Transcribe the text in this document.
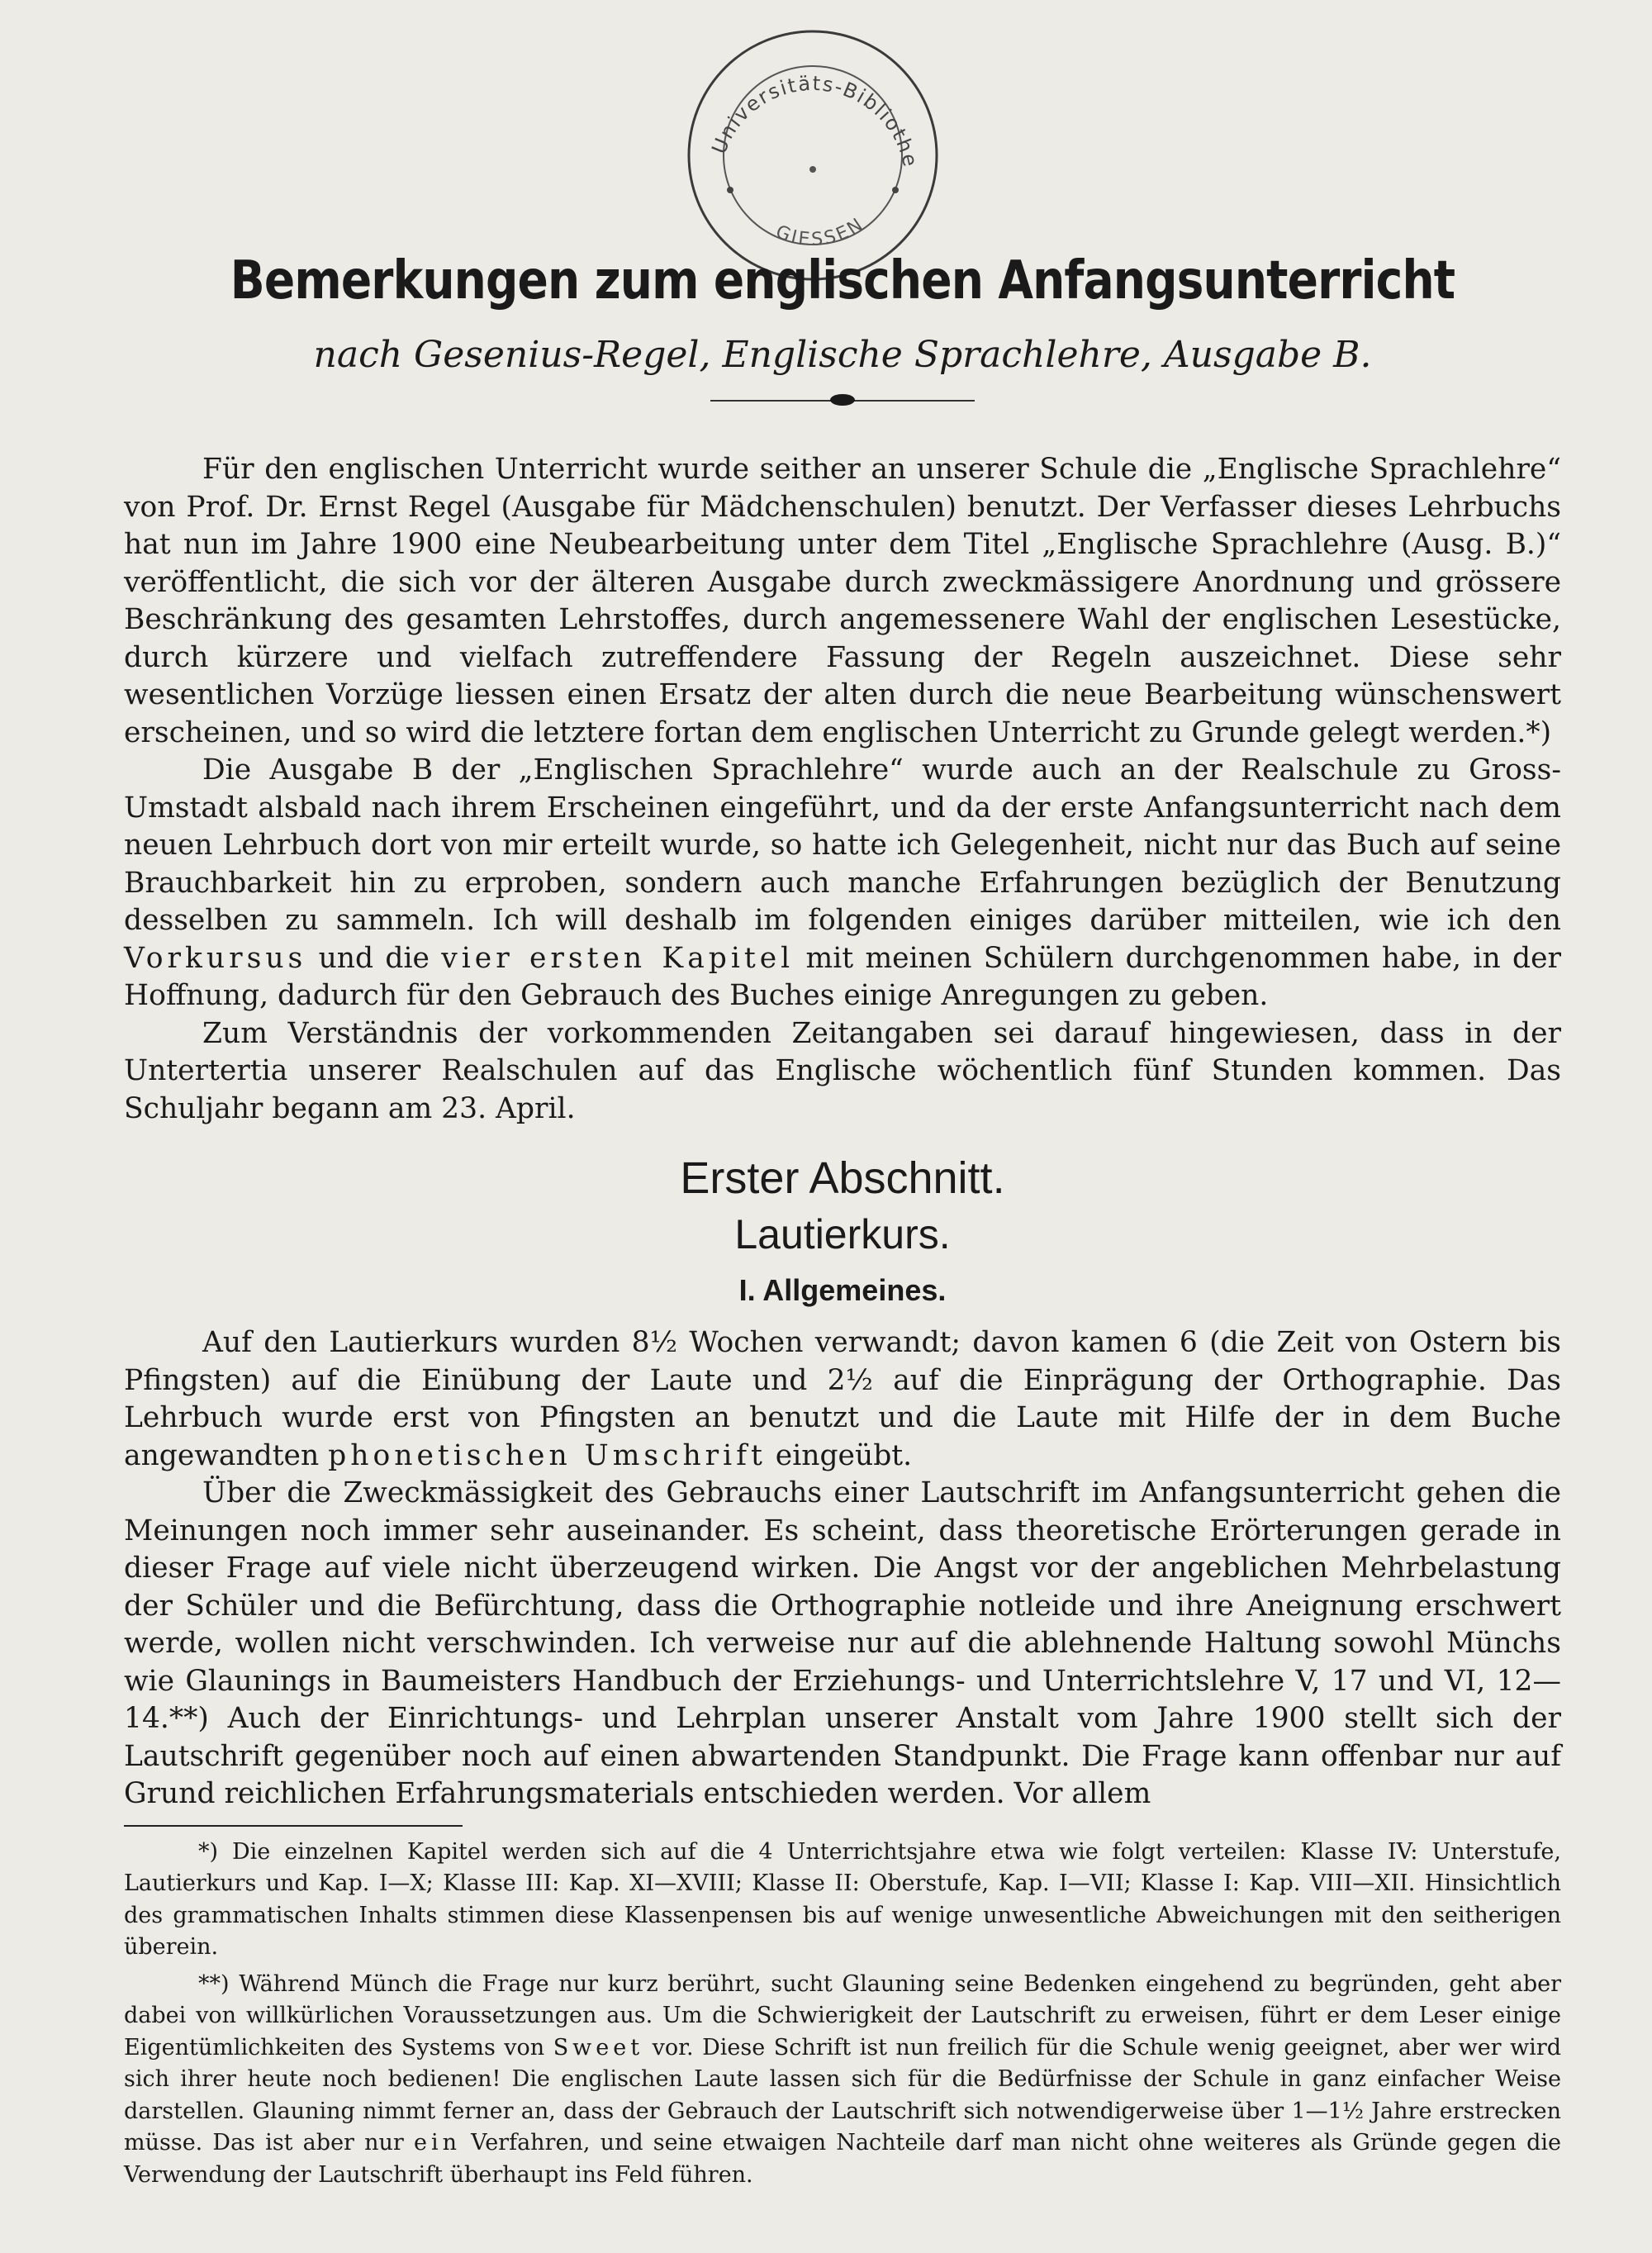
Universitäts-Bibliothe
GIESSEN
Bemerkungen zum englischen Anfangsunterricht
nach Gesenius-Regel, Englische Sprachlehre, Ausgabe B.

Für den englischen Unterricht wurde seither an unserer Schule die „Englische Sprachlehre“ von Prof. Dr. Ernst Regel (Ausgabe für Mädchenschulen) benutzt. Der Verfasser dieses Lehrbuchs hat nun im Jahre 1900 eine Neubearbeitung unter dem Titel „Englische Sprachlehre (Ausg. B.)“ veröffentlicht, die sich vor der älteren Ausgabe durch zweckmässigere Anordnung und grössere Beschränkung des gesamten Lehrstoffes, durch angemessenere Wahl der englischen Lesestücke, durch kürzere und vielfach zutreffendere Fassung der Regeln auszeichnet. Diese sehr wesentlichen Vorzüge liessen einen Ersatz der alten durch die neue Bearbeitung wünschenswert erscheinen, und so wird die letztere fortan dem englischen Unterricht zu Grunde gelegt werden.*)

Die Ausgabe B der „Englischen Sprachlehre“ wurde auch an der Realschule zu Gross-Umstadt alsbald nach ihrem Erscheinen eingeführt, und da der erste Anfangsunterricht nach dem neuen Lehrbuch dort von mir erteilt wurde, so hatte ich Gelegenheit, nicht nur das Buch auf seine Brauchbarkeit hin zu erproben, sondern auch manche Erfahrungen bezüglich der Benutzung desselben zu sammeln. Ich will deshalb im folgenden einiges darüber mitteilen, wie ich den Vorkursus und die vier ersten Kapitel mit meinen Schülern durchgenommen habe, in der Hoffnung, dadurch für den Gebrauch des Buches einige Anregungen zu geben.

Zum Verständnis der vorkommenden Zeitangaben sei darauf hingewiesen, dass in der Untertertia unserer Realschulen auf das Englische wöchentlich fünf Stunden kommen. Das Schuljahr begann am 23. April.

Erster Abschnitt.
Lautierkurs.
I. Allgemeines.

Auf den Lautierkurs wurden 8½ Wochen verwandt; davon kamen 6 (die Zeit von Ostern bis Pfingsten) auf die Einübung der Laute und 2½ auf die Einprägung der Orthographie. Das Lehrbuch wurde erst von Pfingsten an benutzt und die Laute mit Hilfe der in dem Buche angewandten phonetischen Umschrift eingeübt.

Über die Zweckmässigkeit des Gebrauchs einer Lautschrift im Anfangsunterricht gehen die Meinungen noch immer sehr auseinander. Es scheint, dass theoretische Erörterungen gerade in dieser Frage auf viele nicht überzeugend wirken. Die Angst vor der angeblichen Mehrbelastung der Schüler und die Befürchtung, dass die Orthographie notleide und ihre Aneignung erschwert werde, wollen nicht verschwinden. Ich verweise nur auf die ablehnende Haltung sowohl Münchs wie Glaunings in Baumeisters Handbuch der Erziehungs- und Unterrichtslehre V, 17 und VI, 12—14.**) Auch der Einrichtungs- und Lehrplan unserer Anstalt vom Jahre 1900 stellt sich der Lautschrift gegenüber noch auf einen abwartenden Standpunkt. Die Frage kann offenbar nur auf Grund reichlichen Erfahrungsmaterials entschieden werden. Vor allem

*) Die einzelnen Kapitel werden sich auf die 4 Unterrichtsjahre etwa wie folgt verteilen: Klasse IV: Unterstufe, Lautierkurs und Kap. I—X; Klasse III: Kap. XI—XVIII; Klasse II: Oberstufe, Kap. I—VII; Klasse I: Kap. VIII—XII. Hinsichtlich des grammatischen Inhalts stimmen diese Klassenpensen bis auf wenige unwesentliche Abweichungen mit den seitherigen überein.

**) Während Münch die Frage nur kurz berührt, sucht Glauning seine Bedenken eingehend zu begründen, geht aber dabei von willkürlichen Voraussetzungen aus. Um die Schwierigkeit der Lautschrift zu erweisen, führt er dem Leser einige Eigentümlichkeiten des Systems von Sweet vor. Diese Schrift ist nun freilich für die Schule wenig geeignet, aber wer wird sich ihrer heute noch bedienen! Die englischen Laute lassen sich für die Bedürfnisse der Schule in ganz einfacher Weise darstellen. Glauning nimmt ferner an, dass der Gebrauch der Lautschrift sich notwendigerweise über 1—1½ Jahre erstrecken müsse. Das ist aber nur ein Verfahren, und seine etwaigen Nachteile darf man nicht ohne weiteres als Gründe gegen die Verwendung der Lautschrift überhaupt ins Feld führen.
